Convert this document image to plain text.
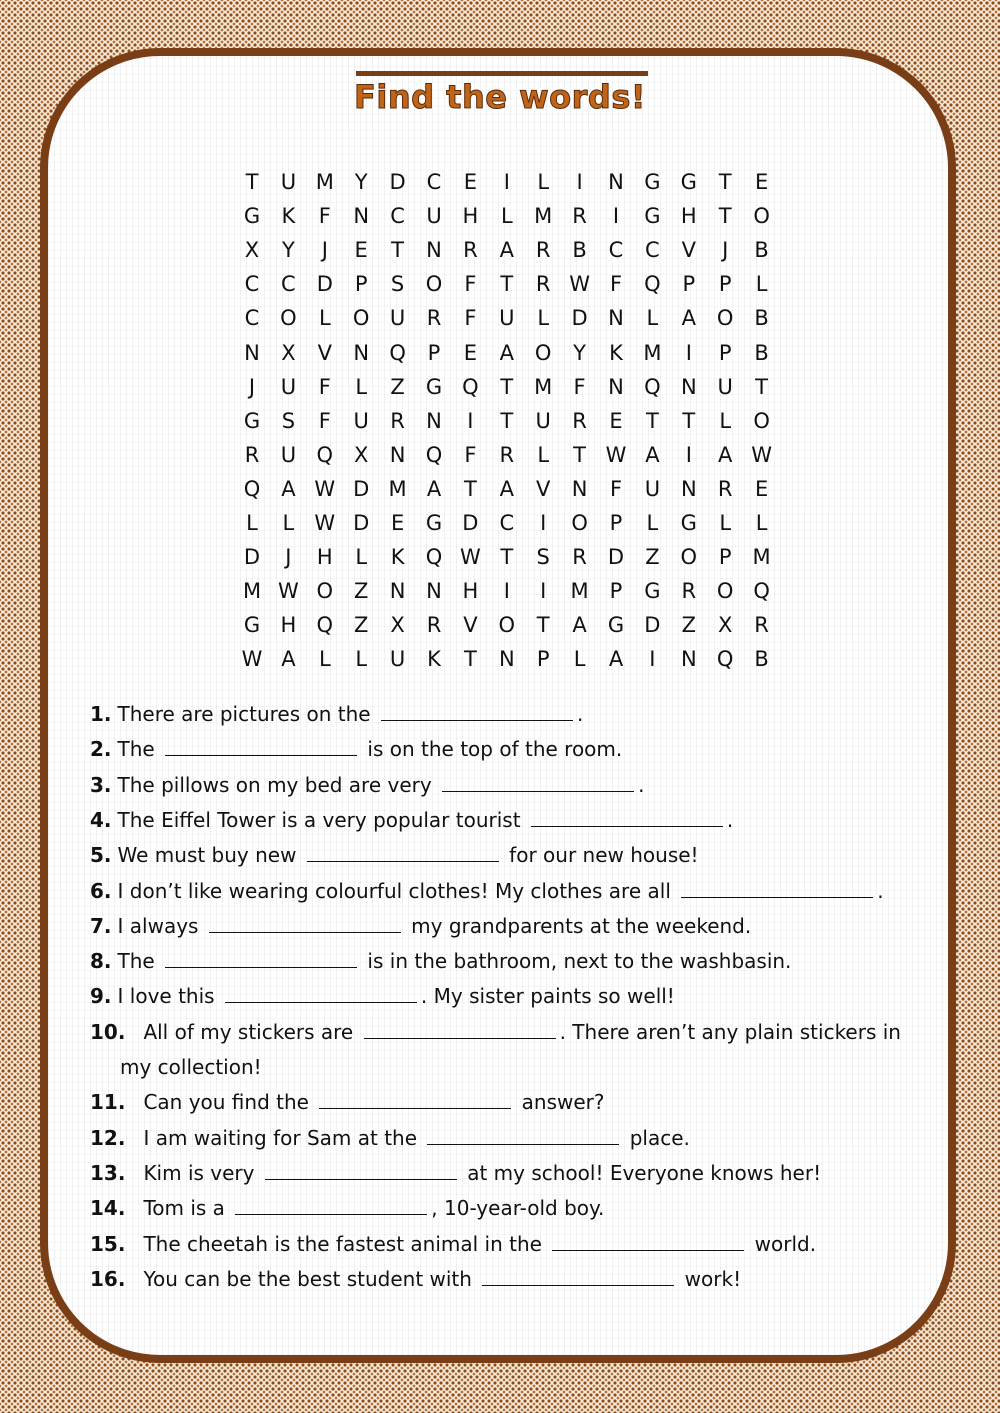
Find the words!
T	U M Y	D C	E	I	L	I	N G G	T	E
G	K	F	N	C	U H	L	M R	I	G H	T	O
X	Y	J	E	T	N	R	A	R	B	C	C	V	J	B
C	C D	P	S	O	F	T	R W F	Q	P	P	L
C O	L	O U	R	F	U	L	D N	L	A O B
N	X	V	N Q	P	E	A O	Y	K M	I	P	B
J	U	F	L	Z	G Q	T M	F	N Q N U	T
G	S	F	U	R	N	I	T	U	R	E	T	T	L	O
R	U Q X	N Q	F	R	L	T W A	I	A W
Q A W D M A	T	A	V	N	F	U N	R	E
L	L W D	E	G D C	I	O	P	L	G	L	L
D	J	H	L	K	Q W T	S	R	D	Z O	P	M
M W O Z	N N H	I	I	M	P	G R O Q
G H Q Z	X	R	V O	T	A	G D	Z	X	R
W A	L	L	U	K	T	N	P	L	A	I	N Q B
1. There are pictures on the	.
2. The	is on the top of the room.
3. The pillows on my bed are very	.
4. The Eiffel Tower is a very popular tourist	.
5. We must buy new	for our new house!
6. I don’t like wearing colourful clothes! My clothes are all	.
7. I always	my grandparents at the weekend.
8. The	is in the bathroom, next to the washbasin.
9. I love this	. My sister paints so well!
10. All of my stickers are	. There aren’t any plain stickers in
my collection!
11. Can you find the	answer?
12. I am waiting for Sam at the	place.
13. Kim is very	at my school! Everyone knows her!
14. Tom is a	, 10-year-old boy.
15. The cheetah is the fastest animal in the	world.
16. You can be the best student with	work!
